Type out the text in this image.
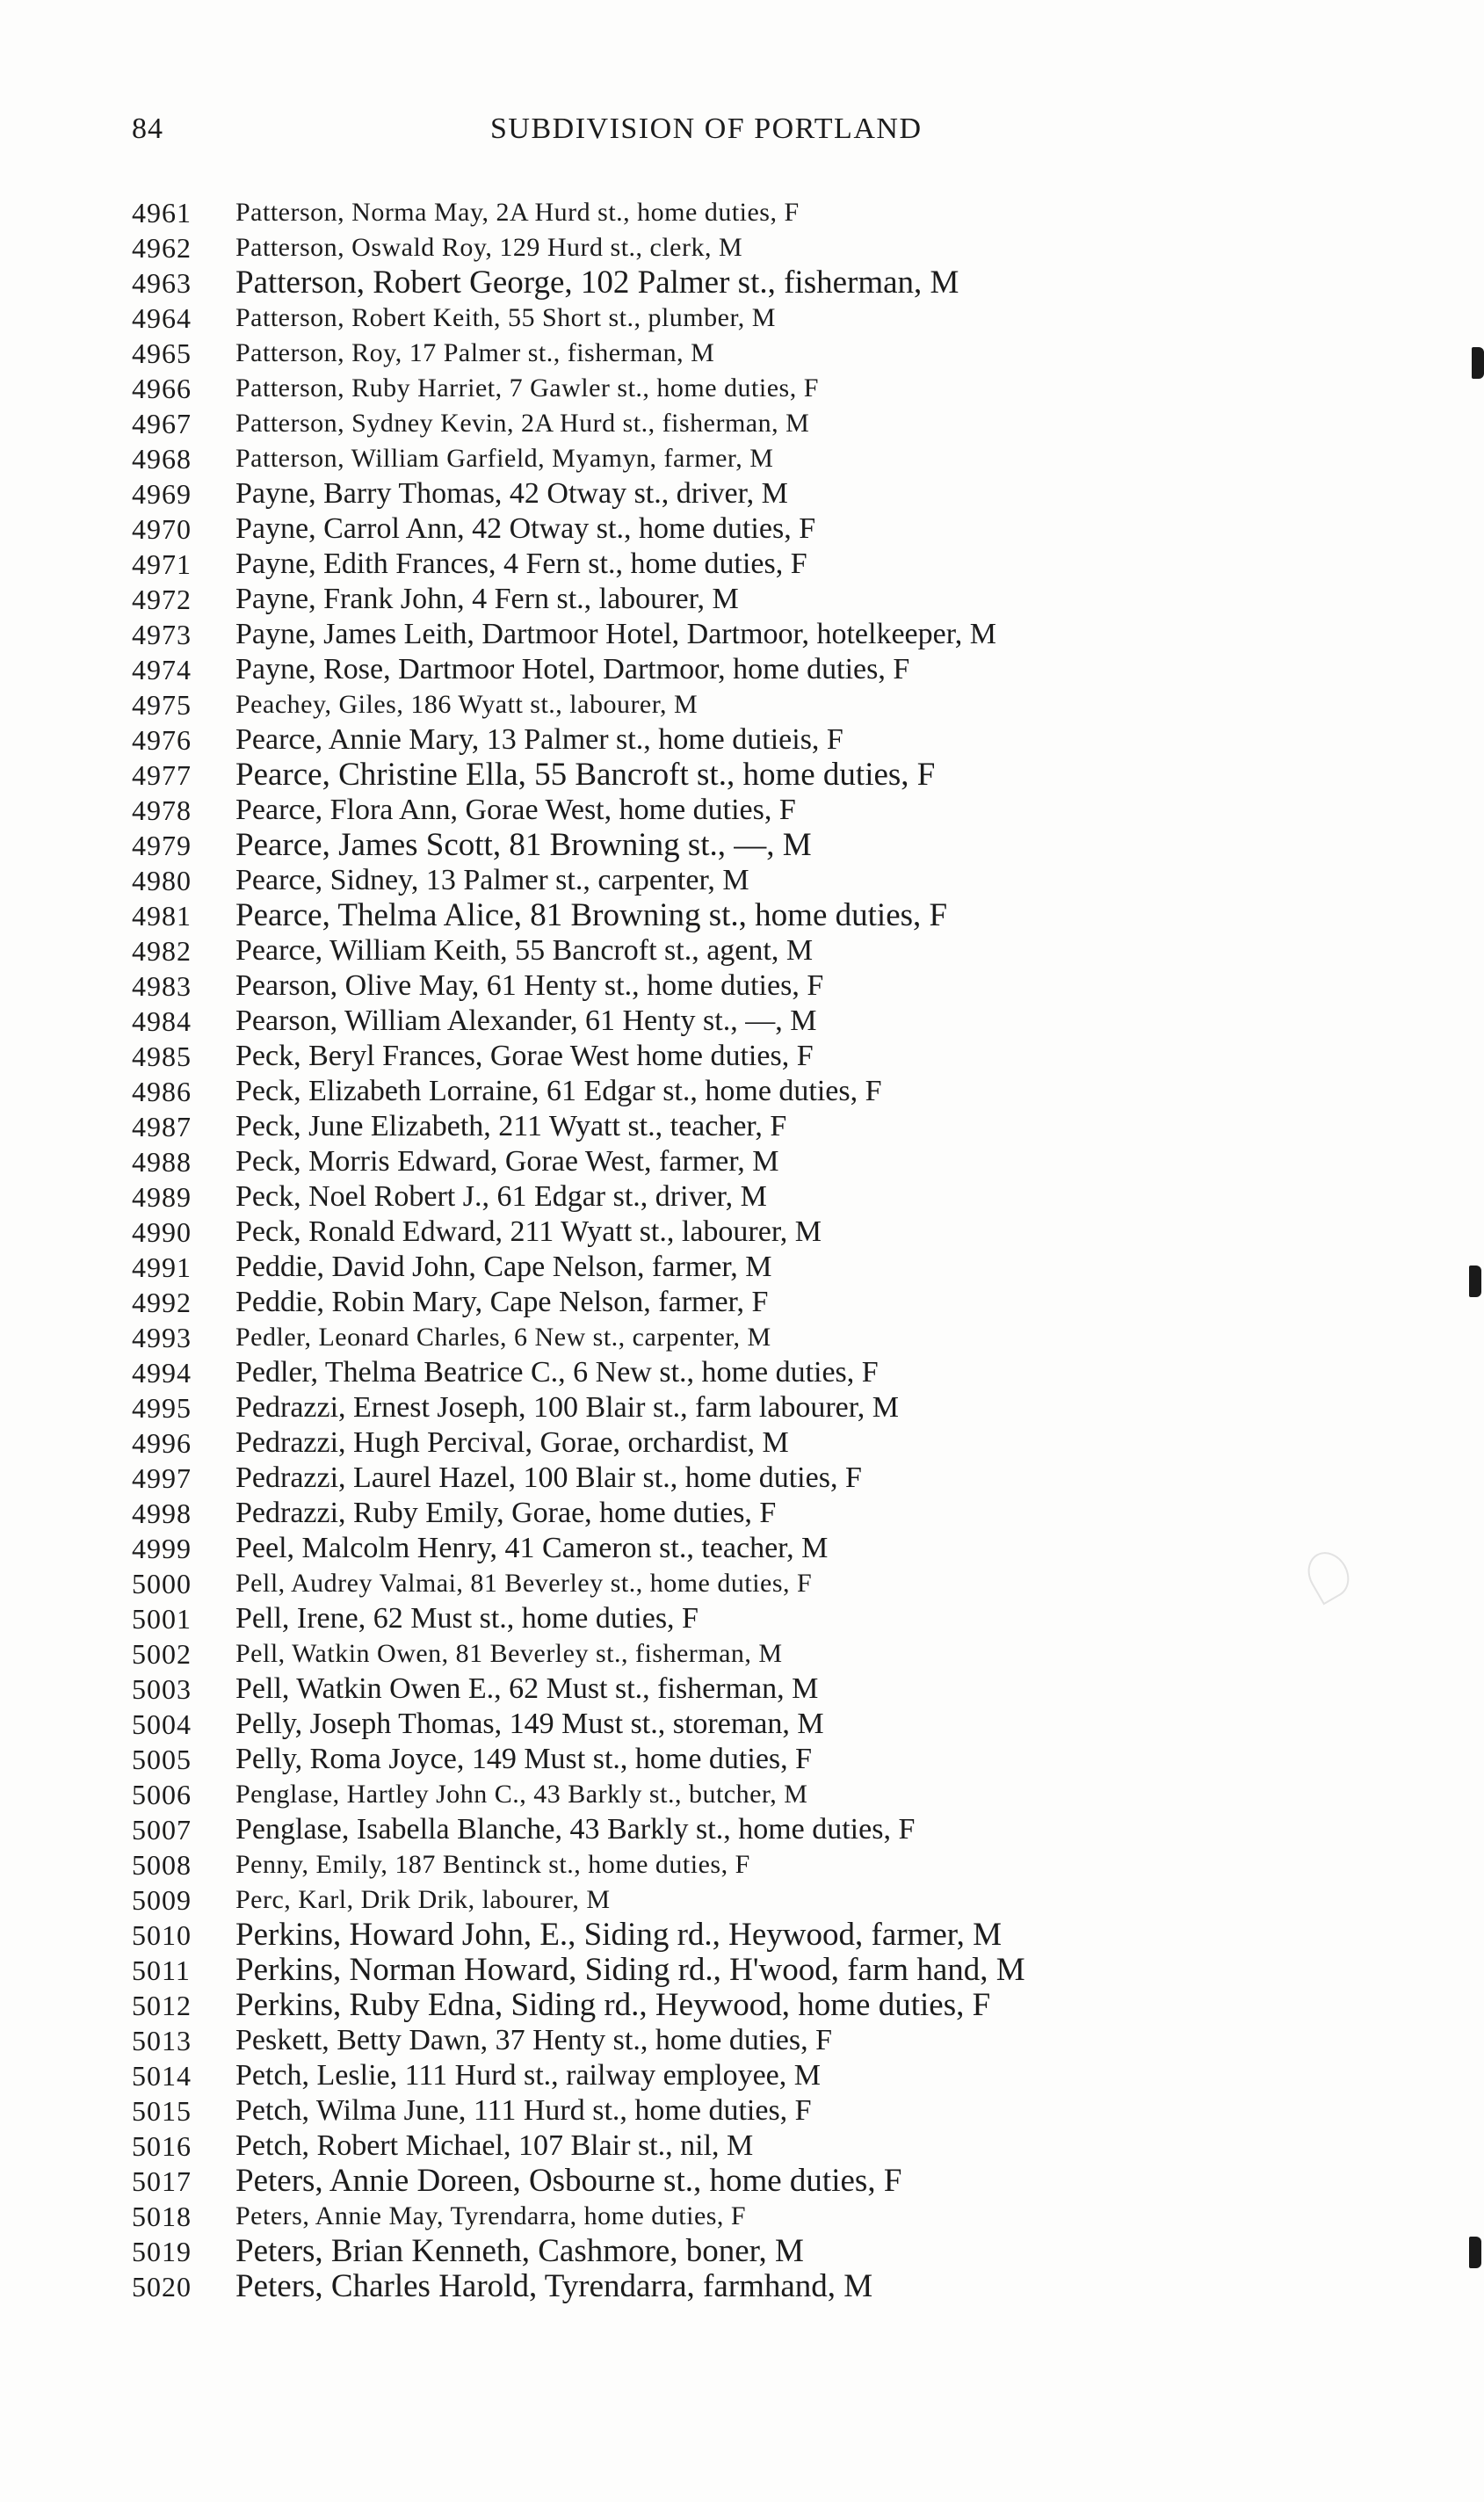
84	SUBDIVISION OF PORTLAND
4961	Patterson, Norma May, 2A Hurd st., home duties, F
4962	Patterson, Oswald Roy, 129 Hurd st., clerk, M
4963	Patterson, Robert George, 102 Palmer st., fisherman, M
4964	Patterson, Robert Keith, 55 Short st., plumber, M
4965	Patterson, Roy, 17 Palmer st., fisherman, M
4966	Patterson, Ruby Harriet, 7 Gawler st., home duties, F
4967	Patterson, Sydney Kevin, 2A Hurd st., fisherman, M
4968	Patterson, William Garfield, Myamyn, farmer, M
4969	Payne, Barry Thomas, 42 Otway st., driver, M
4970	Payne, Carrol Ann, 42 Otway st., home duties, F
4971	Payne, Edith Frances, 4 Fern st., home duties, F
4972	Payne, Frank John, 4 Fern st., labourer, M
4973	Payne, James Leith, Dartmoor Hotel, Dartmoor, hotelkeeper, M
4974	Payne, Rose, Dartmoor Hotel, Dartmoor, home duties, F
4975	Peachey, Giles, 186 Wyatt st., labourer, M
4976	Pearce, Annie Mary, 13 Palmer st., home dutieis, F
4977	Pearce, Christine Ella, 55 Bancroft st., home duties, F
4978	Pearce, Flora Ann, Gorae West, home duties, F
4979	Pearce, James Scott, 81 Browning st., —, M
4980	Pearce, Sidney, 13 Palmer st., carpenter, M
4981	Pearce, Thelma Alice, 81 Browning st., home duties, F
4982	Pearce, William Keith, 55 Bancroft st., agent, M
4983	Pearson, Olive May, 61 Henty st., home duties, F
4984	Pearson, William Alexander, 61 Henty st., —, M
4985	Peck, Beryl Frances, Gorae West home duties, F
4986	Peck, Elizabeth Lorraine, 61 Edgar st., home duties, F
4987	Peck, June Elizabeth, 211 Wyatt st., teacher, F
4988	Peck, Morris Edward, Gorae West, farmer, M
4989	Peck, Noel Robert J., 61 Edgar st., driver, M
4990	Peck, Ronald Edward, 211 Wyatt st., labourer, M
4991	Peddie, David John, Cape Nelson, farmer, M
4992	Peddie, Robin Mary, Cape Nelson, farmer, F
4993	Pedler, Leonard Charles, 6 New st., carpenter, M
4994	Pedler, Thelma Beatrice C., 6 New st., home duties, F
4995	Pedrazzi, Ernest Joseph, 100 Blair st., farm labourer, M
4996	Pedrazzi, Hugh Percival, Gorae, orchardist, M
4997	Pedrazzi, Laurel Hazel, 100 Blair st., home duties, F
4998	Pedrazzi, Ruby Emily, Gorae, home duties, F
4999	Peel, Malcolm Henry, 41 Cameron st., teacher, M
5000	Pell, Audrey Valmai, 81 Beverley st., home duties, F
5001	Pell, Irene, 62 Must st., home duties, F
5002	Pell, Watkin Owen, 81 Beverley st., fisherman, M
5003	Pell, Watkin Owen E., 62 Must st., fisherman, M
5004	Pelly, Joseph Thomas, 149 Must st., storeman, M
5005	Pelly, Roma Joyce, 149 Must st., home duties, F
5006	Penglase, Hartley John C., 43 Barkly st., butcher, M
5007	Penglase, Isabella Blanche, 43 Barkly st., home duties, F
5008	Penny, Emily, 187 Bentinck st., home duties, F
5009	Perc, Karl, Drik Drik, labourer, M
5010	Perkins, Howard John, E., Siding rd., Heywood, farmer, M
5011	Perkins, Norman Howard, Siding rd., H'wood, farm hand, M
5012	Perkins, Ruby Edna, Siding rd., Heywood, home duties, F
5013	Peskett, Betty Dawn, 37 Henty st., home duties, F
5014	Petch, Leslie, 111 Hurd st., railway employee, M
5015	Petch, Wilma June, 111 Hurd st., home duties, F
5016	Petch, Robert Michael, 107 Blair st., nil, M
5017	Peters, Annie Doreen, Osbourne st., home duties, F
5018	Peters, Annie May, Tyrendarra, home duties, F
5019	Peters, Brian Kenneth, Cashmore, boner, M
5020	Peters, Charles Harold, Tyrendarra, farmhand, M
